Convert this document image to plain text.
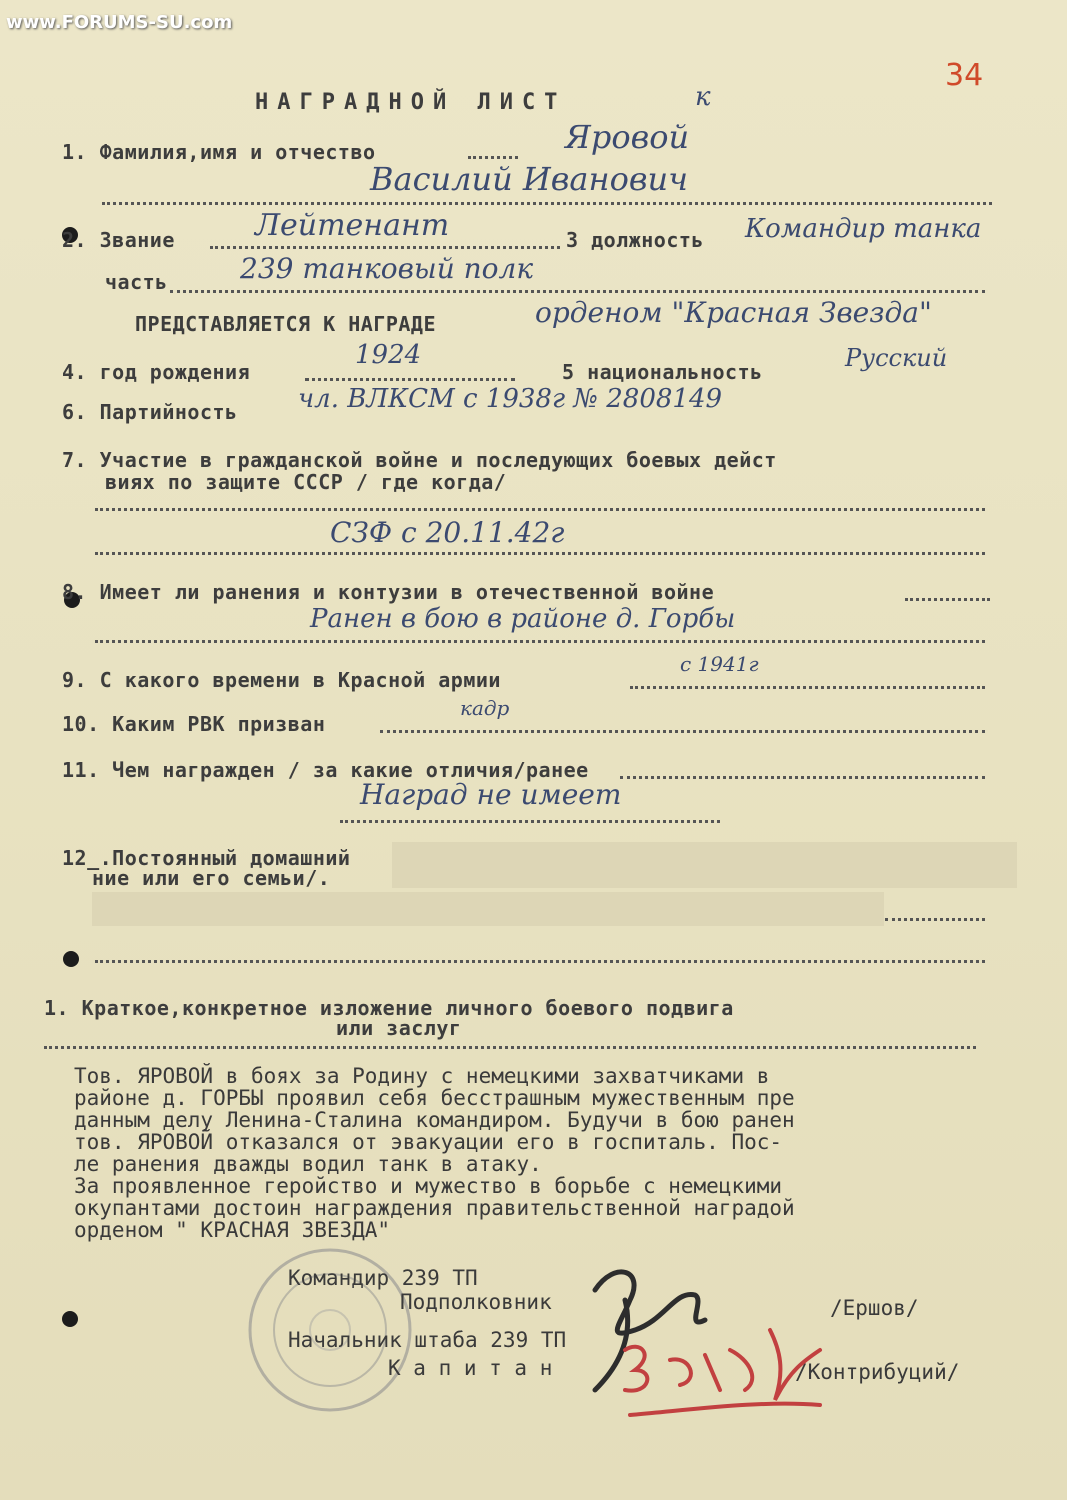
www.FORUMS-SU.com
34
НАГРАДНОЙ ЛИСТ	к
1. Фамилия,имя и отчество	Яровой
Василий Иванович
2. Звание	Лейтенант	3 должность Командир танка
часть	239 танковый полк
ПРЕДСТАВЛЯЕТСЯ К НАГРАДЕ	орденом "Красная Звезда"
4. год рождения
1924
5 национальность	Русский
6. Партийность чл. ВЛКСМ с 1938г № 2808149
7. Участие в гражданской войне и последующих боевых дейст
виях по защите СССР / где когда/
СЗФ с 20.11.42г
8. Имеет ли ранения и контузии в отечественной войне
Ранен в бою в районе д. Горбы
9. С какого времени в Красной армии
с 1941г
10. Каким РВК призван
кадр
11. Чем награжден / за какие отличия/ранее
Наград не имеет
12_.Постоянный домашний
ние или его семьи/.
1. Краткое,конкретное изложение личного боевого подвига
или заслуг
Тов. ЯРОВОЙ в боях за Родину с немецкими захватчиками в
районе д. ГОРБЫ проявил себя бесстрашным мужественным пре
данным делу Ленина-Сталина командиром. Будучи в бою ранен
тов. ЯРОВОЙ отказался от эвакуации его в госпиталь. Пос-
ле ранения дважды водил танк в атаку.
За проявленное геройство и мужество в борьбе с немецкими
окупантами достоин награждения правительственной наградой
орденом " КРАСНАЯ ЗВЕЗДА"
Командир 239 ТП
Подполковник	/Ершов/
Начальник штаба 239 ТП
К а п и т а н	/Контрибуций/
